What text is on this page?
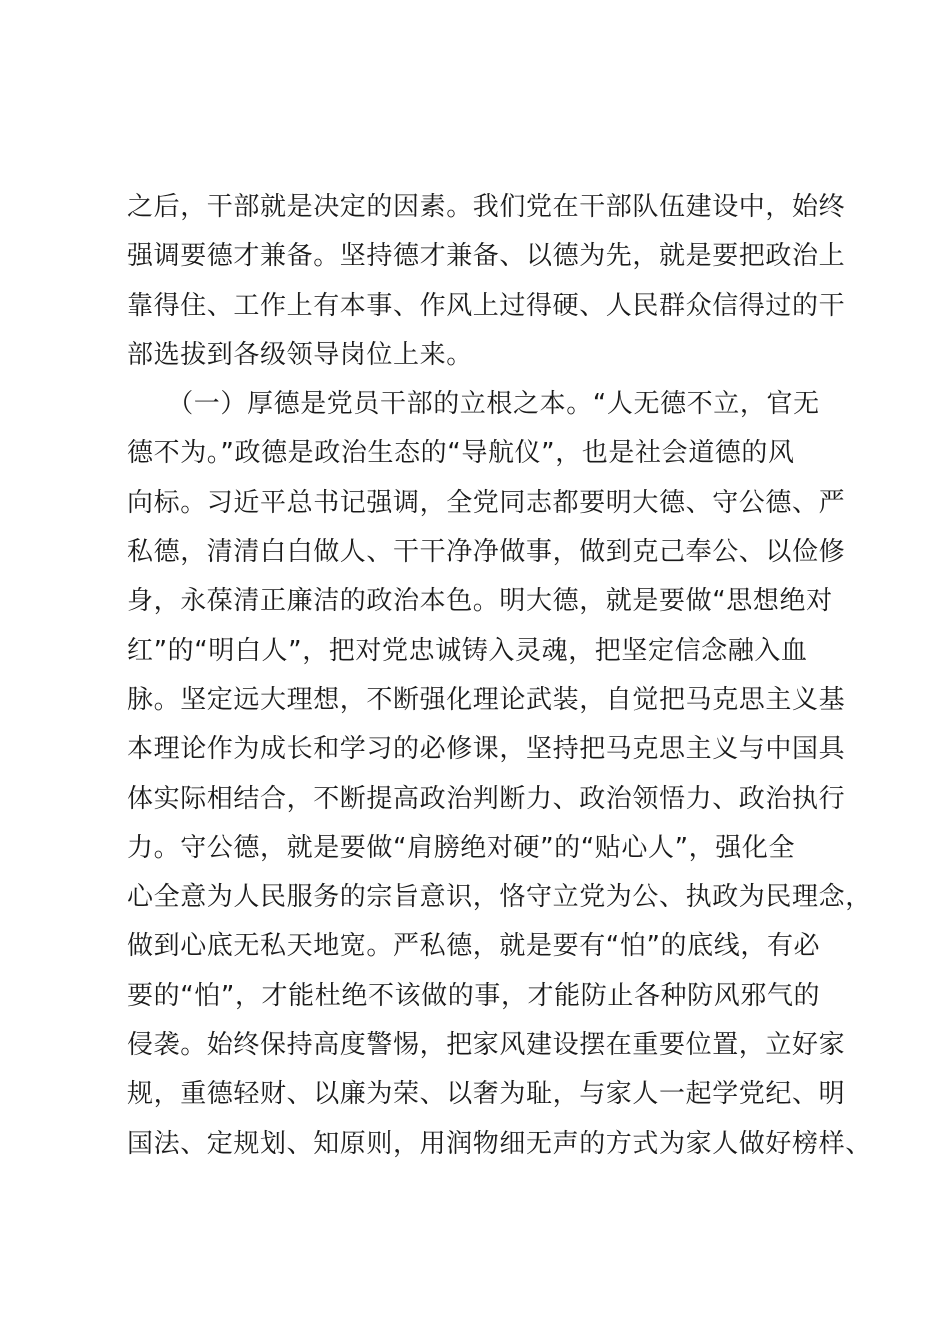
之后，干部就是决定的因素。我们党在干部队伍建设中，始终
强调要德才兼备。坚持德才兼备、以德为先，就是要把政治上
靠得住、工作上有本事、作风上过得硬、人民群众信得过的干
部选拔到各级领导岗位上来。
　　（一）厚德是党员干部的立根之本。“人无德不立，官无
德不为。”政德是政治生态的“导航仪”，也是社会道德的风
向标。习近平总书记强调，全党同志都要明大德、守公德、严
私德，清清白白做人、干干净净做事，做到克己奉公、以俭修
身，永葆清正廉洁的政治本色。明大德，就是要做“思想绝对
红”的“明白人”，把对党忠诚铸入灵魂，把坚定信念融入血
脉。坚定远大理想，不断强化理论武装，自觉把马克思主义基
本理论作为成长和学习的必修课，坚持把马克思主义与中国具
体实际相结合，不断提高政治判断力、政治领悟力、政治执行
力。守公德，就是要做“肩膀绝对硬”的“贴心人”，强化全
心全意为人民服务的宗旨意识，恪守立党为公、执政为民理念，
做到心底无私天地宽。严私德，就是要有“怕”的底线，有必
要的“怕”，才能杜绝不该做的事，才能防止各种防风邪气的
侵袭。始终保持高度警惕，把家风建设摆在重要位置，立好家
规，重德轻财、以廉为荣、以奢为耻，与家人一起学党纪、明
国法、定规划、知原则，用润物细无声的方式为家人做好榜样、
